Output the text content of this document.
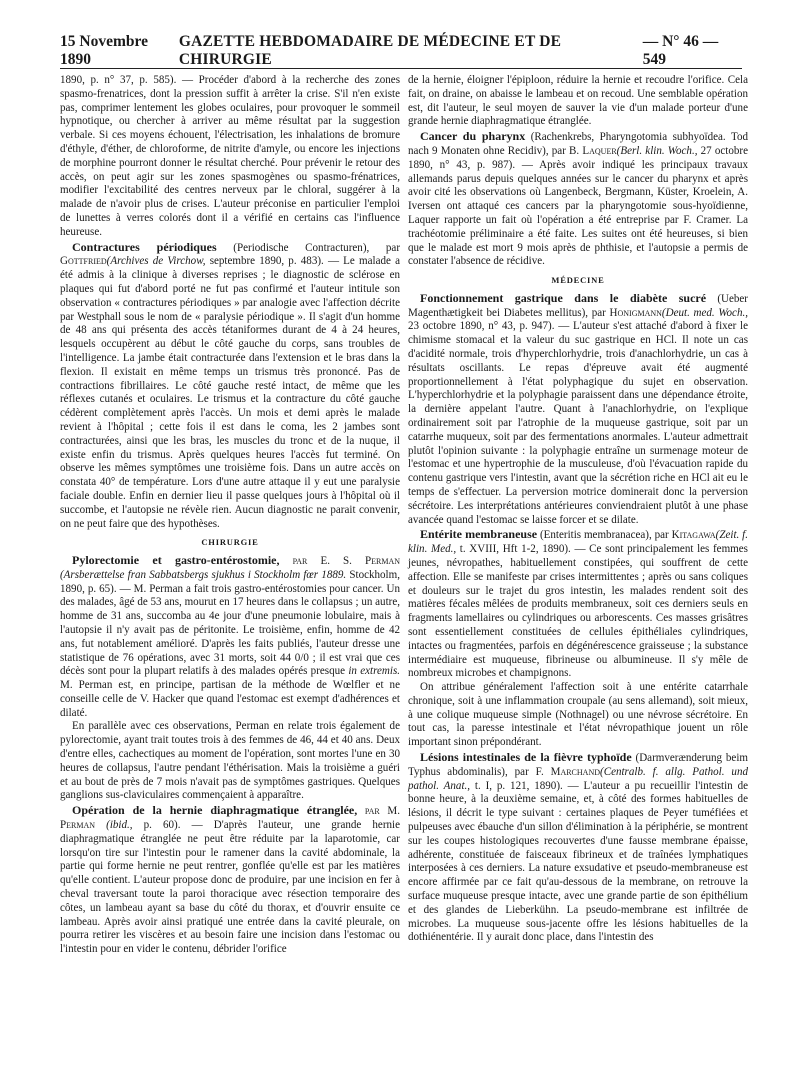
15 Novembre 1890
GAZETTE HEBDOMADAIRE DE MÉDECINE ET DE CHIRURGIE
— N° 46 — 549

1890, p. n° 37, p. 585). — Procéder d'abord à la recherche des zones spasmo-frenatrices, dont la pression suffit à arrêter la crise. S'il n'en existe pas, comprimer lentement les globes oculaires, pour provoquer le sommeil hypnotique, ou chercher à arriver au même résultat par la suggestion verbale. Si ces moyens échouent, l'électrisation, les inhalations de bromure d'éthyle, d'éther, de chloroforme, de nitrite d'amyle, ou encore les injections de morphine pourront donner le résultat cherché. Pour prévenir le retour des accès, on peut agir sur les zones spasmogènes ou spasmo-frénatrices, modifier l'excitabilité des centres nerveux par le chloral, suggérer à la malade de n'avoir plus de crises. L'auteur préconise en particulier l'emploi de lunettes à verres colorés dont il a vérifié en certains cas l'influence heureuse.

Contractures périodiques (Periodische Contracturen), par Gottfried(Archives de Virchow, septembre 1890, p. 483). — Le malade a été admis à la clinique à diverses reprises ; le diagnostic de sclérose en plaques qui fut d'abord porté ne fut pas confirmé et l'auteur intitule son observation « contractures périodiques » par analogie avec l'affection décrite par Westphall sous le nom de « paralysie périodique ». Il s'agit d'un homme de 48 ans qui présenta des accès tétaniformes durant de 4 à 24 heures, lesquels occupèrent au début le côté gauche du corps, sans troubles de l'intelligence. La jambe était contracturée dans l'extension et le bras dans la flexion. Il existait en même temps un trismus très prononcé. Pas de contractions fibrillaires. Le côté gauche resté intact, de même que les réflexes cutanés et oculaires. Le trismus et la contracture du côté gauche cédèrent complètement après l'accès. Un mois et demi après le malade revient à l'hôpital ; cette fois il est dans le coma, les 2 jambes sont contracturées, ainsi que les bras, les muscles du tronc et de la nuque, il existe enfin du trismus. Après quelques heures l'accès fut terminé. On observe les mêmes symptômes une troisième fois. Dans un autre accès on constata 40° de température. Lors d'une autre attaque il y eut une paralysie faciale double. Enfin en dernier lieu il passe quelques jours à l'hôpital où il succombe, et l'autopsie ne révèle rien. Aucun diagnostic ne parait convenir, on ne peut faire que des hypothèses.

CHIRURGIE

Pylorectomie et gastro-entérostomie, par E. S. Perman (Arsberættelse fran Sabbatsbergs sjukhus i Stockholm fœr 1889. Stockholm, 1890, p. 65). — M. Perman a fait trois gastro-entérostomies pour cancer. Un des malades, âgé de 53 ans, mourut en 17 heures dans le collapsus ; un autre, homme de 31 ans, succomba au 4e jour d'une pneumonie lobulaire, mais à l'autopsie il n'y avait pas de péritonite. Le troisième, enfin, homme de 42 ans, fut notablement amélioré. D'après les faits publiés, l'auteur dresse une statistique de 76 opérations, avec 31 morts, soit 44 0/0 ; il est vrai que ces décès sont pour la plupart relatifs à des malades opérés presque in extremis. M. Perman est, en principe, partisan de la méthode de Wœlfler et ne conseille celle de V. Hacker que quand l'estomac est exempt d'adhérences et dilaté.

En parallèle avec ces observations, Perman en relate trois également de pylorectomie, ayant trait toutes trois à des femmes de 46, 44 et 40 ans. Deux d'entre elles, cachectiques au moment de l'opération, sont mortes l'une en 30 heures de collapsus, l'autre pendant l'éthérisation. Mais la troisième a guéri et au bout de près de 7 mois n'avait pas de symptômes gastriques. Quelques ganglions sus-claviculaires commençaient à apparaître.

Opération de la hernie diaphragmatique étranglée, par M. Perman (ibid., p. 60). — D'après l'auteur, une grande hernie diaphragmatique étranglée ne peut être réduite par la laparotomie, car lorsqu'on tire sur l'intestin pour le ramener dans la cavité abdominale, la partie qui forme hernie ne peut rentrer, gonflée qu'elle est par les matières qu'elle contient. L'auteur propose donc de produire, par une incision en fer à cheval traversant toute la paroi thoracique avec résection temporaire des côtes, un lambeau ayant sa base du côté du thorax, et d'ouvrir ensuite ce lambeau. Après avoir ainsi pratiqué une entrée dans la cavité pleurale, on pourra retirer les viscères et au besoin faire une incision dans l'estomac ou l'intestin pour en vider le contenu, débrider l'orifice

de la hernie, éloigner l'épiploon, réduire la hernie et recoudre l'orifice. Cela fait, on draine, on abaisse le lambeau et on recoud. Une semblable opération est, dit l'auteur, le seul moyen de sauver la vie d'un malade porteur d'une grande hernie diaphragmatique étranglée.

Cancer du pharynx (Rachenkrebs, Pharyngotomia subhyoïdea. Tod nach 9 Monaten ohne Recidiv), par B. Laquer(Berl. klin. Woch., 27 octobre 1890, n° 43, p. 987). — Après avoir indiqué les principaux travaux allemands parus depuis quelques années sur le cancer du pharynx et après avoir cité les observations où Langenbeck, Bergmann, Küster, Kroelein, A. Iversen ont attaqué ces cancers par la pharyngotomie sous-hyoïdienne, Laquer rapporte un fait où l'opération a été entreprise par F. Cramer. La trachéotomie préliminaire a été faite. Les suites ont été heureuses, si bien que le malade est mort 9 mois après de phthisie, et l'autopsie a permis de constater l'absence de récidive.

MÉDECINE

Fonctionnement gastrique dans le diabète sucré (Ueber Magenthætigkeit bei Diabetes mellitus), par Honigmann(Deut. med. Woch., 23 octobre 1890, n° 43, p. 947). — L'auteur s'est attaché d'abord à fixer le chimisme stomacal et la valeur du suc gastrique en HCl. Il note un cas d'acidité normale, trois d'hyperchlorhydrie, trois d'anachlorhydrie, un cas à résultats oscillants. Le repas d'épreuve avait été augmenté proportionnellement à l'état polyphagique du sujet en observation. L'hyperchlorhydrie et la polyphagie paraissent dans une dépendance étroite, la dernière appelant l'autre. Quant à l'anachlorhydrie, on l'explique ordinairement soit par l'atrophie de la muqueuse gastrique, soit par un catarrhe muqueux, soit par des fermentations anormales. L'auteur admettrait plutôt l'opinion suivante : la polyphagie entraîne un surmenage moteur de l'estomac et une hypertrophie de la musculeuse, d'où l'évacuation rapide du contenu gastrique vers l'intestin, avant que la sécrétion riche en HCl ait eu le temps de s'effectuer. La perversion motrice dominerait donc la perversion sécrétoire. Les interprétations antérieures conviendraient plutôt à une phase avancée quand l'estomac se laisse forcer et se dilate.

Entérite membraneuse (Enteritis membranacea), par Kitagawa(Zeit. f. klin. Med., t. XVIII, Hft 1-2, 1890). — Ce sont principalement les femmes jeunes, névropathes, habituellement constipées, qui souffrent de cette affection. Elle se manifeste par crises intermittentes ; après ou sans coliques et douleurs sur le trajet du gros intestin, les malades rendent soit des matières fécales mêlées de produits membraneux, soit ces derniers seuls en fragments lamellaires ou cylindriques ou arborescents. Ces masses grisâtres sont essentiellement constituées de cellules épithéliales cylindriques, intactes ou fragmentées, parfois en dégénérescence graisseuse ; la substance intermédiaire est muqueuse, fibrineuse ou albumineuse. Il s'y mêle de nombreux microbes et champignons.

On attribue généralement l'affection soit à une entérite catarrhale chronique, soit à une inflammation croupale (au sens allemand), soit mieux, à une colique muqueuse simple (Nothnagel) ou une névrose sécrétoire. En tout cas, la paresse intestinale et l'état névropathique jouent un rôle important sinon prépondérant.

Lésions intestinales de la fièvre typhoïde (Darmverænderung beim Typhus abdominalis), par F. Marchand(Centralb. f. allg. Pathol. und pathol. Anat., t. I, p. 121, 1890). — L'auteur a pu recueillir l'intestin de bonne heure, à la deuxième semaine, et, à côté des formes habituelles de lésions, il décrit le type suivant : certaines plaques de Peyer tuméfiées et pulpeuses avec ébauche d'un sillon d'élimination à la périphérie, se montrent sur les coupes histologiques recouvertes d'une fausse membrane épaisse, adhérente, constituée de faisceaux fibrineux et de traînées lymphatiques interposées à ces derniers. La nature exsudative et pseudo-membraneuse est encore affirmée par ce fait qu'au-dessous de la membrane, on retrouve la surface muqueuse presque intacte, avec une grande partie de son épithélium et des glandes de Lieberkühn. La pseudo-membrane est infiltrée de microbes. La muqueuse sous-jacente offre les lésions habituelles de la dothiénentérie. Il y aurait donc place, dans l'intestin des
